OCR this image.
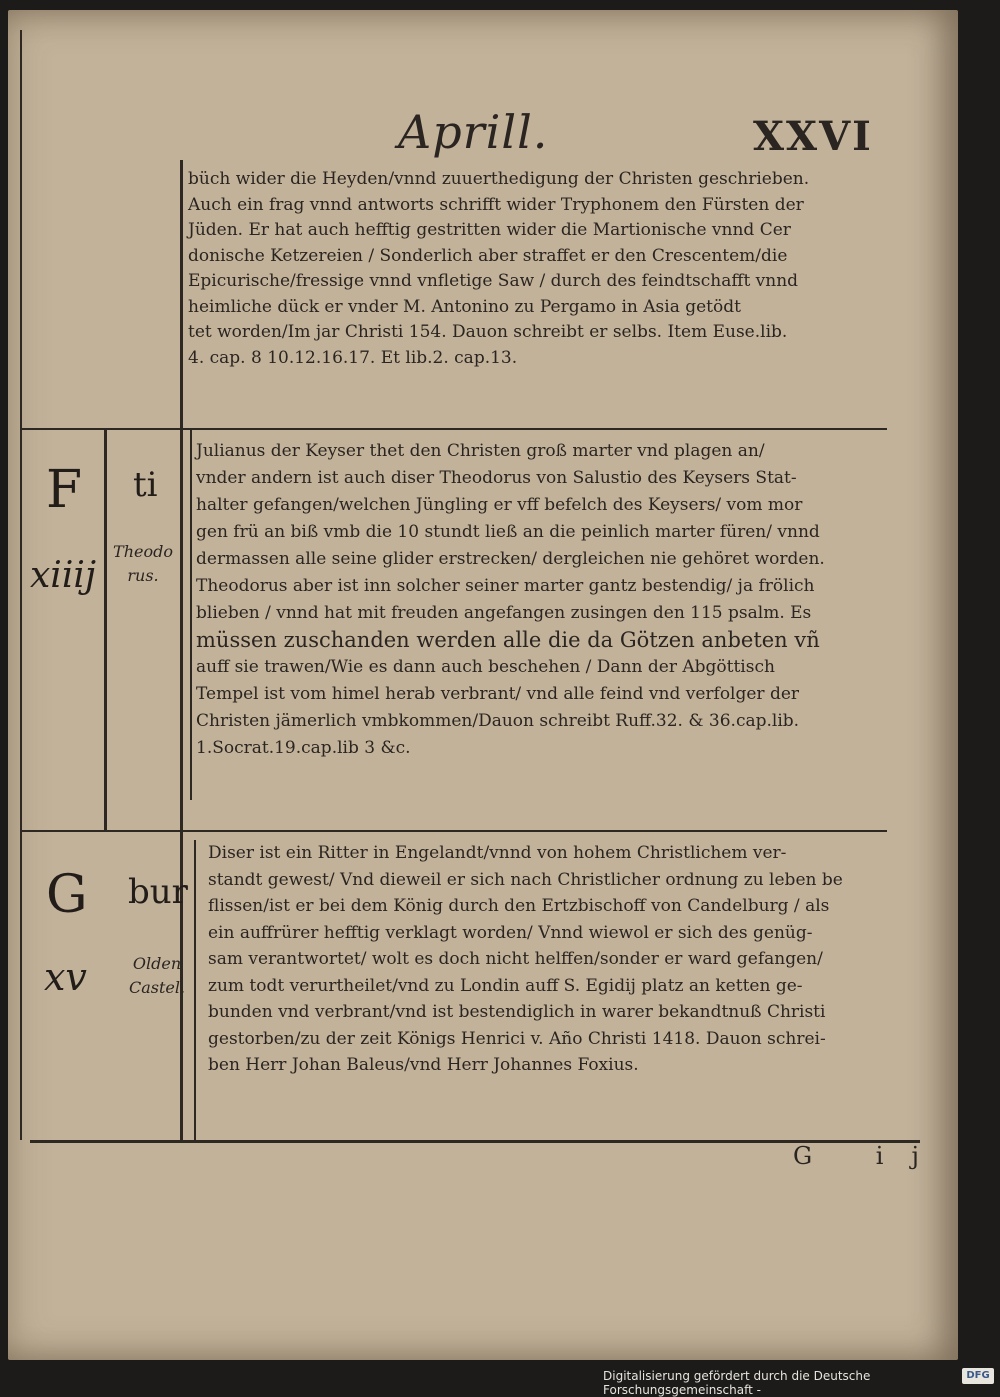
Aprill.	XXVI
büch wider die Heyden/vnnd zuuerthedigung der Christen geschrieben.
Auch ein frag vnnd antworts schrifft wider Tryphonem den Fürsten der
Jüden. Er hat auch hefftig gestritten wider die Martionische vnnd Cer
donische Ketzereien / Sonderlich aber straffet er den Crescentem/die
Epicurische/fressige vnnd vnfletige Saw / durch des feindtschafft vnnd
heimliche dück er vnder M. Antonino zu Pergamo in Asia getödt
tet worden/Im jar Christi 154. Dauon schreibt er selbs. Item Euse.lib.
4. cap. 8 10.12.16.17. Et lib.2. cap.13.
F
xiiij
ti
Theodo rus.
Julianus der Keyser thet den Christen groß marter vnd plagen an/
vnder andern ist auch diser Theodorus von Salustio des Keysers Stat-
halter gefangen/welchen Jüngling er vff befelch des Keysers/ vom mor
gen frü an biß vmb die 10 stundt ließ an die peinlich marter füren/ vnnd
dermassen alle seine glider erstrecken/ dergleichen nie gehöret worden.
Theodorus aber ist inn solcher seiner marter gantz bestendig/ ja frölich
blieben / vnnd hat mit freuden angefangen zusingen den 115 psalm. Es
müssen zuschanden werden alle die da Götzen anbeten vñ
auff sie trawen/Wie es dann auch beschehen / Dann der Abgöttisch
Tempel ist vom himel herab verbrant/ vnd alle feind vnd verfolger der
Christen jämerlich vmbkommen/Dauon schreibt Ruff.32. & 36.cap.lib.
1.Socrat.19.cap.lib 3 &c.
G
xv
bur
Olden Castel.
Diser ist ein Ritter in Engelandt/vnnd von hohem Christlichem ver-
standt gewest/ Vnd dieweil er sich nach Christlicher ordnung zu leben be
flissen/ist er bei dem König durch den Ertzbischoff von Candelburg / als
ein auffrürer hefftig verklagt worden/ Vnnd wiewol er sich des genüg-
sam verantwortet/ wolt es doch nicht helffen/sonder er ward gefangen/
zum todt verurtheilet/vnd zu Londin auff S. Egidij platz an ketten ge-
bunden vnd verbrant/vnd ist bestendiglich in warer bekandtnuß Christi
gestorben/zu der zeit Königs Henrici v. Año Christi 1418. Dauon schrei-
ben Herr Johan Baleus/vnd Herr Johannes Foxius.
G ij
Digitalisierung gefördert durch die Deutsche Forschungsgemeinschaft -
DFG
